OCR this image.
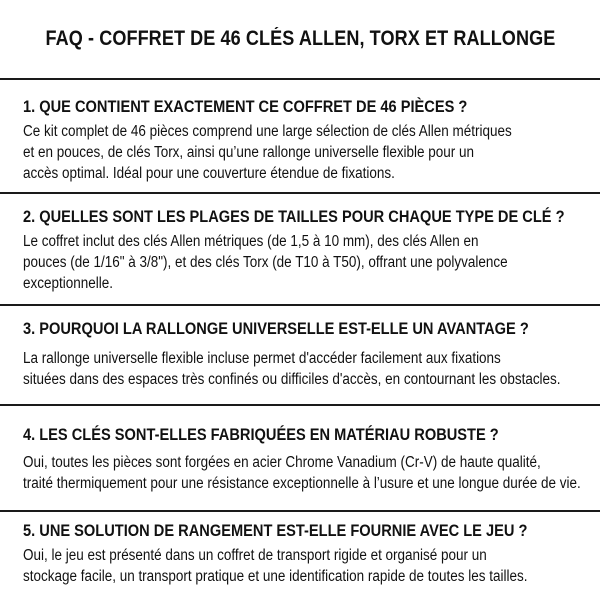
FAQ - COFFRET DE 46 CLÉS ALLEN, TORX ET RALLONGE
1. QUE CONTIENT EXACTEMENT CE COFFRET DE 46 PIÈCES ?
Ce kit complet de 46 pièces comprend une large sélection de clés Allen métriques
et en pouces, de clés Torx, ainsi qu’une rallonge universelle flexible pour un
accès optimal. Idéal pour une couverture étendue de fixations.
2. QUELLES SONT LES PLAGES DE TAILLES POUR CHAQUE TYPE DE CLÉ ?
Le coffret inclut des clés Allen métriques (de 1,5 à 10 mm), des clés Allen en
pouces (de 1/16" à 3/8"), et des clés Torx (de T10 à T50), offrant une polyvalence
exceptionnelle.
3. POURQUOI LA RALLONGE UNIVERSELLE EST-ELLE UN AVANTAGE ?
La rallonge universelle flexible incluse permet d'accéder facilement aux fixations
situées dans des espaces très confinés ou difficiles d'accès, en contournant les obstacles.
4. LES CLÉS SONT-ELLES FABRIQUÉES EN MATÉRIAU ROBUSTE ?
Oui, toutes les pièces sont forgées en acier Chrome Vanadium (Cr-V) de haute qualité,
traité thermiquement pour une résistance exceptionnelle à l’usure et une longue durée de vie.
5. UNE SOLUTION DE RANGEMENT EST-ELLE FOURNIE AVEC LE JEU ?
Oui, le jeu est présenté dans un coffret de transport rigide et organisé pour un
stockage facile, un transport pratique et une identification rapide de toutes les tailles.
